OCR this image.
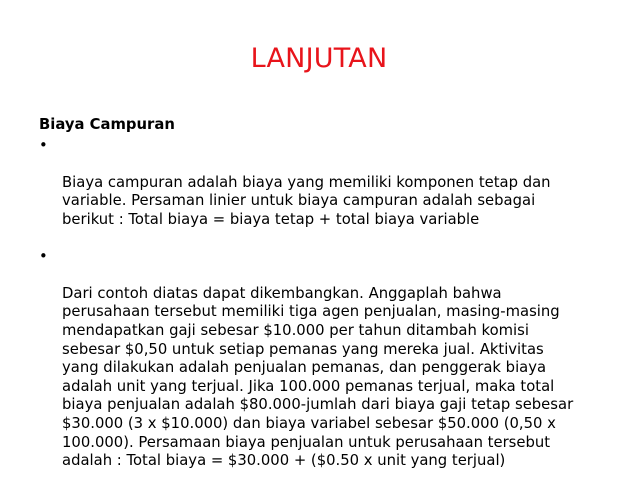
LANJUTAN
Biaya Campuran

•

Biaya campuran adalah biaya yang memiliki komponen tetap dan
variable. Persaman linier untuk biaya campuran adalah sebagai
berikut : Total biaya = biaya tetap + total biaya variable

•

Dari contoh diatas dapat dikembangkan. Anggaplah bahwa
perusahaan tersebut memiliki tiga agen penjualan, masing-masing
mendapatkan gaji sebesar $10.000 per tahun ditambah komisi
sebesar $0,50 untuk setiap pemanas yang mereka jual. Aktivitas
yang dilakukan adalah penjualan pemanas, dan penggerak biaya
adalah unit yang terjual. Jika 100.000 pemanas terjual, maka total
biaya penjualan adalah $80.000-jumlah dari biaya gaji tetap sebesar
$30.000 (3 x $10.000) dan biaya variabel sebesar $50.000 (0,50 x
100.000). Persamaan biaya penjualan untuk perusahaan tersebut
adalah : Total biaya = $30.000 + ($0.50 x unit yang terjual)
